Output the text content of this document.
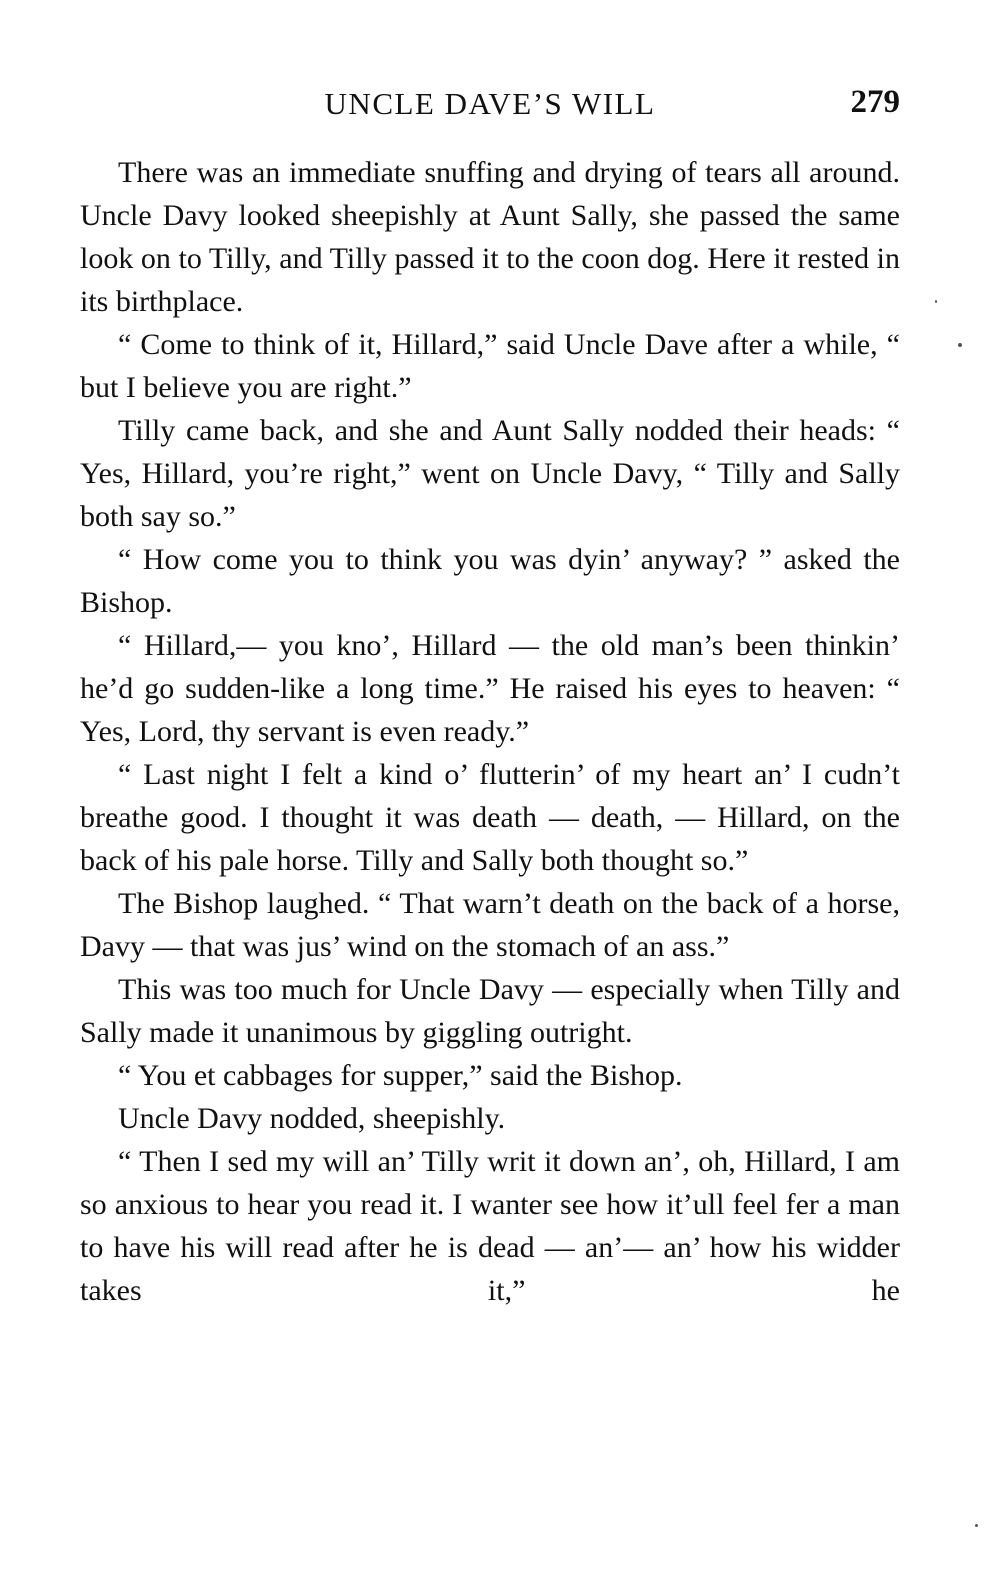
UNCLE DAVE’S WILL	279

There was an immediate snuffing and drying of tears all around. Uncle Davy looked sheepishly at Aunt Sally, she passed the same look on to Tilly, and Tilly passed it to the coon dog. Here it rested in its birthplace.

“ Come to think of it, Hillard,” said Uncle Dave after a while, “ but I believe you are right.”

Tilly came back, and she and Aunt Sally nodded their heads: “ Yes, Hillard, you’re right,” went on Uncle Davy, “ Tilly and Sally both say so.”

“ How come you to think you was dyin’ anyway? ” asked the Bishop.

“ Hillard,— you kno’, Hillard — the old man’s been thinkin’ he’d go sudden-like a long time.” He raised his eyes to heaven: “ Yes, Lord, thy servant is even ready.”

“ Last night I felt a kind o’ flutterin’ of my heart an’ I cudn’t breathe good. I thought it was death — death, — Hillard, on the back of his pale horse. Tilly and Sally both thought so.”

The Bishop laughed. “ That warn’t death on the back of a horse, Davy — that was jus’ wind on the stomach of an ass.”

This was too much for Uncle Davy — especially when Tilly and Sally made it unanimous by giggling outright.

“ You et cabbages for supper,” said the Bishop.

Uncle Davy nodded, sheepishly.

“ Then I sed my will an’ Tilly writ it down an’, oh, Hillard, I am so anxious to hear you read it. I wanter see how it’ull feel fer a man to have his will read after he is dead — an’— an’ how his widder takes it,” he
